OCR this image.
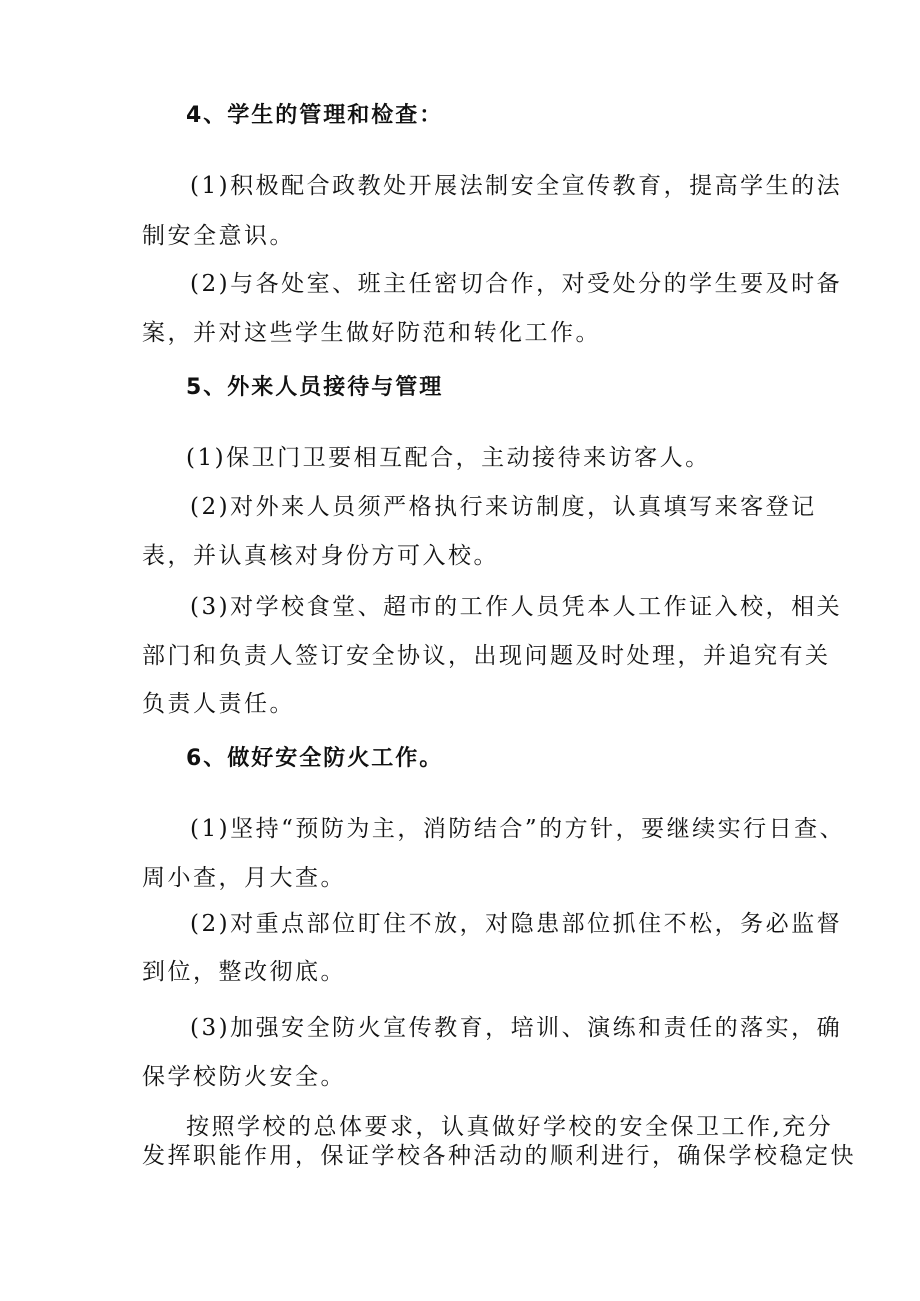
4、学生的管理和检查：
(1)积极配合政教处开展法制安全宣传教育，提高学生的法
制安全意识。
(2)与各处室、班主任密切合作，对受处分的学生要及时备
案，并对这些学生做好防范和转化工作。
5、外来人员接待与管理
(1)保卫门卫要相互配合，主动接待来访客人。
(2)对外来人员须严格执行来访制度，认真填写来客登记
表，并认真核对身份方可入校。
(3)对学校食堂、超市的工作人员凭本人工作证入校，相关
部门和负责人签订安全协议，出现问题及时处理，并追究有关
负责人责任。
6、做好安全防火工作。
(1)坚持“预防为主，消防结合”的方针，要继续实行日查、
周小查，月大查。
(2)对重点部位盯住不放，对隐患部位抓住不松，务必监督
到位，整改彻底。
(3)加强安全防火宣传教育，培训、演练和责任的落实，确
保学校防火安全。
按照学校的总体要求，认真做好学校的安全保卫工作,充分
发挥职能作用，保证学校各种活动的顺利进行，确保学校稳定快
